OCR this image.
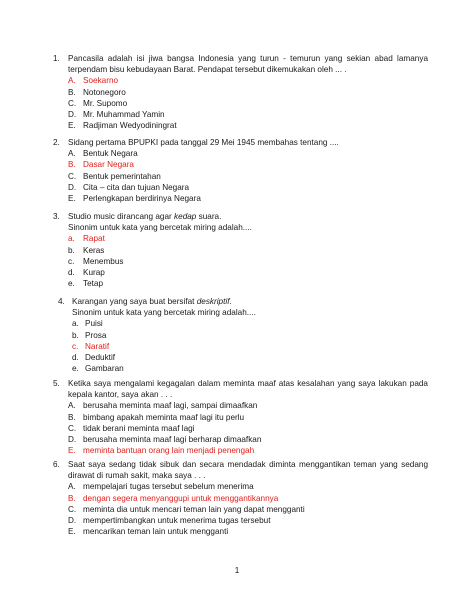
1. Pancasila adalah isi jiwa bangsa Indonesia yang turun - temurun yang sekian abad lamanya
terpendam bisu kebudayaan Barat. Pendapat tersebut dikemukakan oleh ... .
A. Soekarno
B. Notonegoro
C. Mr. Supomo
D. Mr. Muhammad Yamin
E. Radjiman Wedyodiningrat
2. Sidang pertama BPUPKI pada tanggal 29 Mei 1945 membahas tentang ....
A. Bentuk Negara
B. Dasar Negara
C. Bentuk pemerintahan
D. Cita – cita dan tujuan Negara
E. Perlengkapan berdirinya Negara
3. Studio music dirancang agar kedap suara.
Sinonim untuk kata yang bercetak miring adalah....
a. Rapat
b. Keras
c. Menembus
d. Kurap
e. Tetap
4. Karangan yang saya buat bersifat deskriptif.
Sinonim untuk kata yang bercetak miring adalah....
a. Puisi
b. Prosa
c. Naratif
d. Deduktif
e. Gambaran
5. Ketika saya mengalami kegagalan dalam meminta maaf atas kesalahan yang saya lakukan pada
kepala kantor, saya akan . . .
A. berusaha meminta maaf lagi, sampai dimaafkan
B. bimbang apakah meminta maaf lagi itu perlu
C. tidak berani meminta maaf lagi
D. berusaha meminta maaf lagi berharap dimaafkan
E. meminta bantuan orang lain menjadi penengah
6. Saat saya sedang tidak sibuk dan secara mendadak diminta menggantikan teman yang sedang
dirawat di rumah sakit, maka saya . . .
A. mempelajari tugas tersebut sebelum menerima
B. dengan segera menyanggupi untuk menggantikannya
C. meminta dia untuk mencari teman lain yang dapat mengganti
D. mempertimbangkan untuk menerima tugas tersebut
E. mencarikan teman lain untuk mengganti
1
